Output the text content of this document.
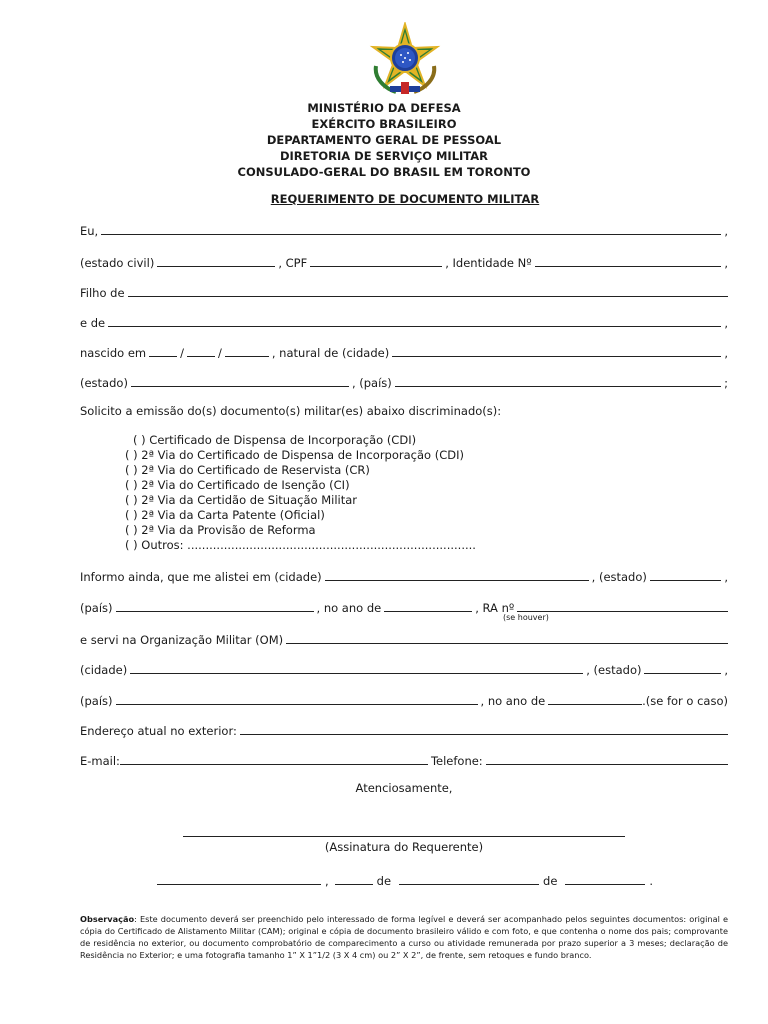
MINISTÉRIO DA DEFESA
EXÉRCITO BRASILEIRO
DEPARTAMENTO GERAL DE PESSOAL
DIRETORIA DE SERVIÇO MILITAR
CONSULADO-GERAL DO BRASIL EM TORONTO
REQUERIMENTO DE DOCUMENTO MILITAR
Eu,	,
(estado civil)	, CPF	, Identidade Nº	,
Filho de
e de	,
nascido em	/	/	, natural de (cidade)	,
(estado)	, (país)	;
Solicito a emissão do(s) documento(s) militar(es) abaixo discriminado(s):
( ) Certificado de Dispensa de Incorporação (CDI)
( ) 2ª Via do Certificado de Dispensa de Incorporação (CDI)
( ) 2ª Via do Certificado de Reservista (CR)
( ) 2ª Via do Certificado de Isenção (CI)
( ) 2ª Via da Certidão de Situação Militar
( ) 2ª Via da Carta Patente (Oficial)
( ) 2ª Via da Provisão de Reforma
( ) Outros: ...............................................................................
Informo ainda, que me alistei em (cidade)	, (estado)	,
(país)	, no ano de	, RA nº
(se houver)
e servi na Organização Militar (OM)
(cidade)	, (estado)	,
(país)	, no ano de	.(se for o caso)
Endereço atual no exterior:
E-mail:	Telefone:
Atenciosamente,
(Assinatura do Requerente)
,	de	de	.
Observação: Este documento deverá ser preenchido pelo interessado de forma legível e deverá ser acompanhado pelos seguintes documentos: original e cópia do Certificado de Alistamento Militar (CAM); original e cópia de documento brasileiro válido e com foto, e que contenha o nome dos pais; comprovante de residência no exterior, ou documento comprobatório de comparecimento a curso ou atividade remunerada por prazo superior a 3 meses; declaração de Residência no Exterior; e uma fotografia tamanho 1” X 1”1/2 (3 X 4 cm) ou 2” X 2”, de frente, sem retoques e fundo branco.
